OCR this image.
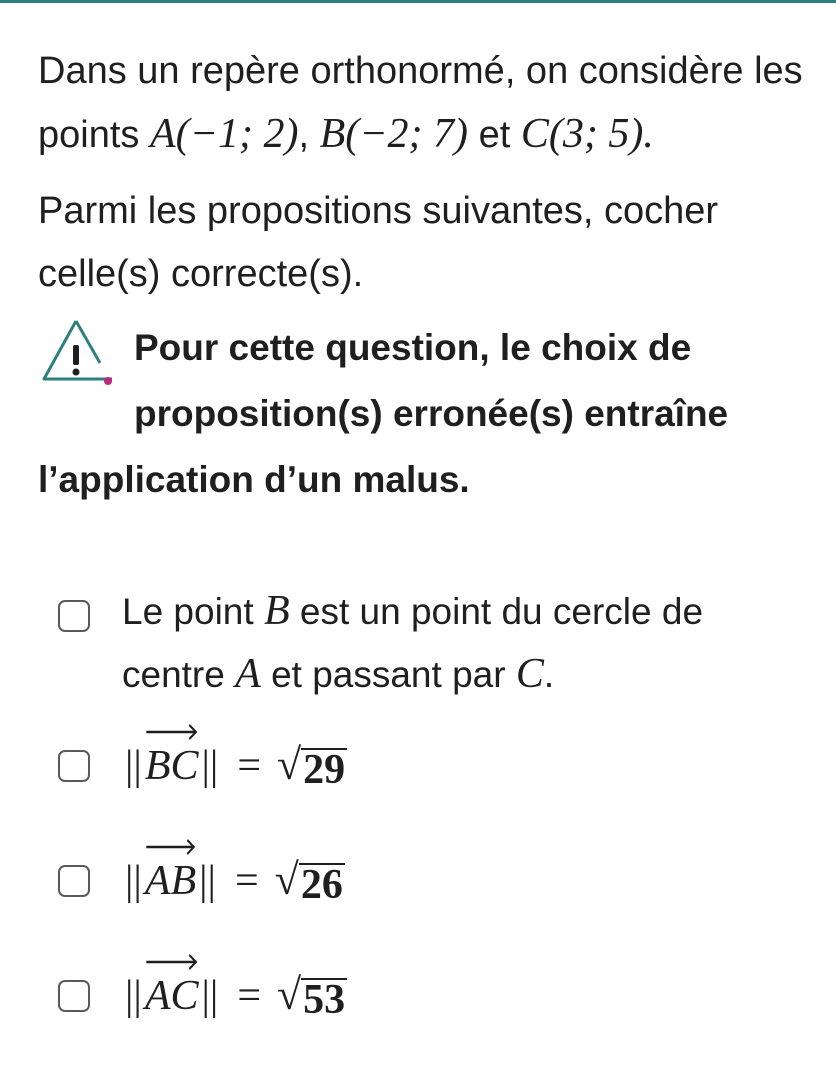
Dans un repère orthonormé, on considère les
points A(−1; 2), B(−2; 7) et C(3; 5).

Parmi les propositions suivantes, cocher celle(s) correcte(s).

Pour cette question, le choix de proposition(s) erronée(s) entraîne l’application d’un malus.

Le point B est un point du cercle de centre A et passant par C.
|| BC || = √ 29
|| AB || = √ 26
|| AC || = √ 53
